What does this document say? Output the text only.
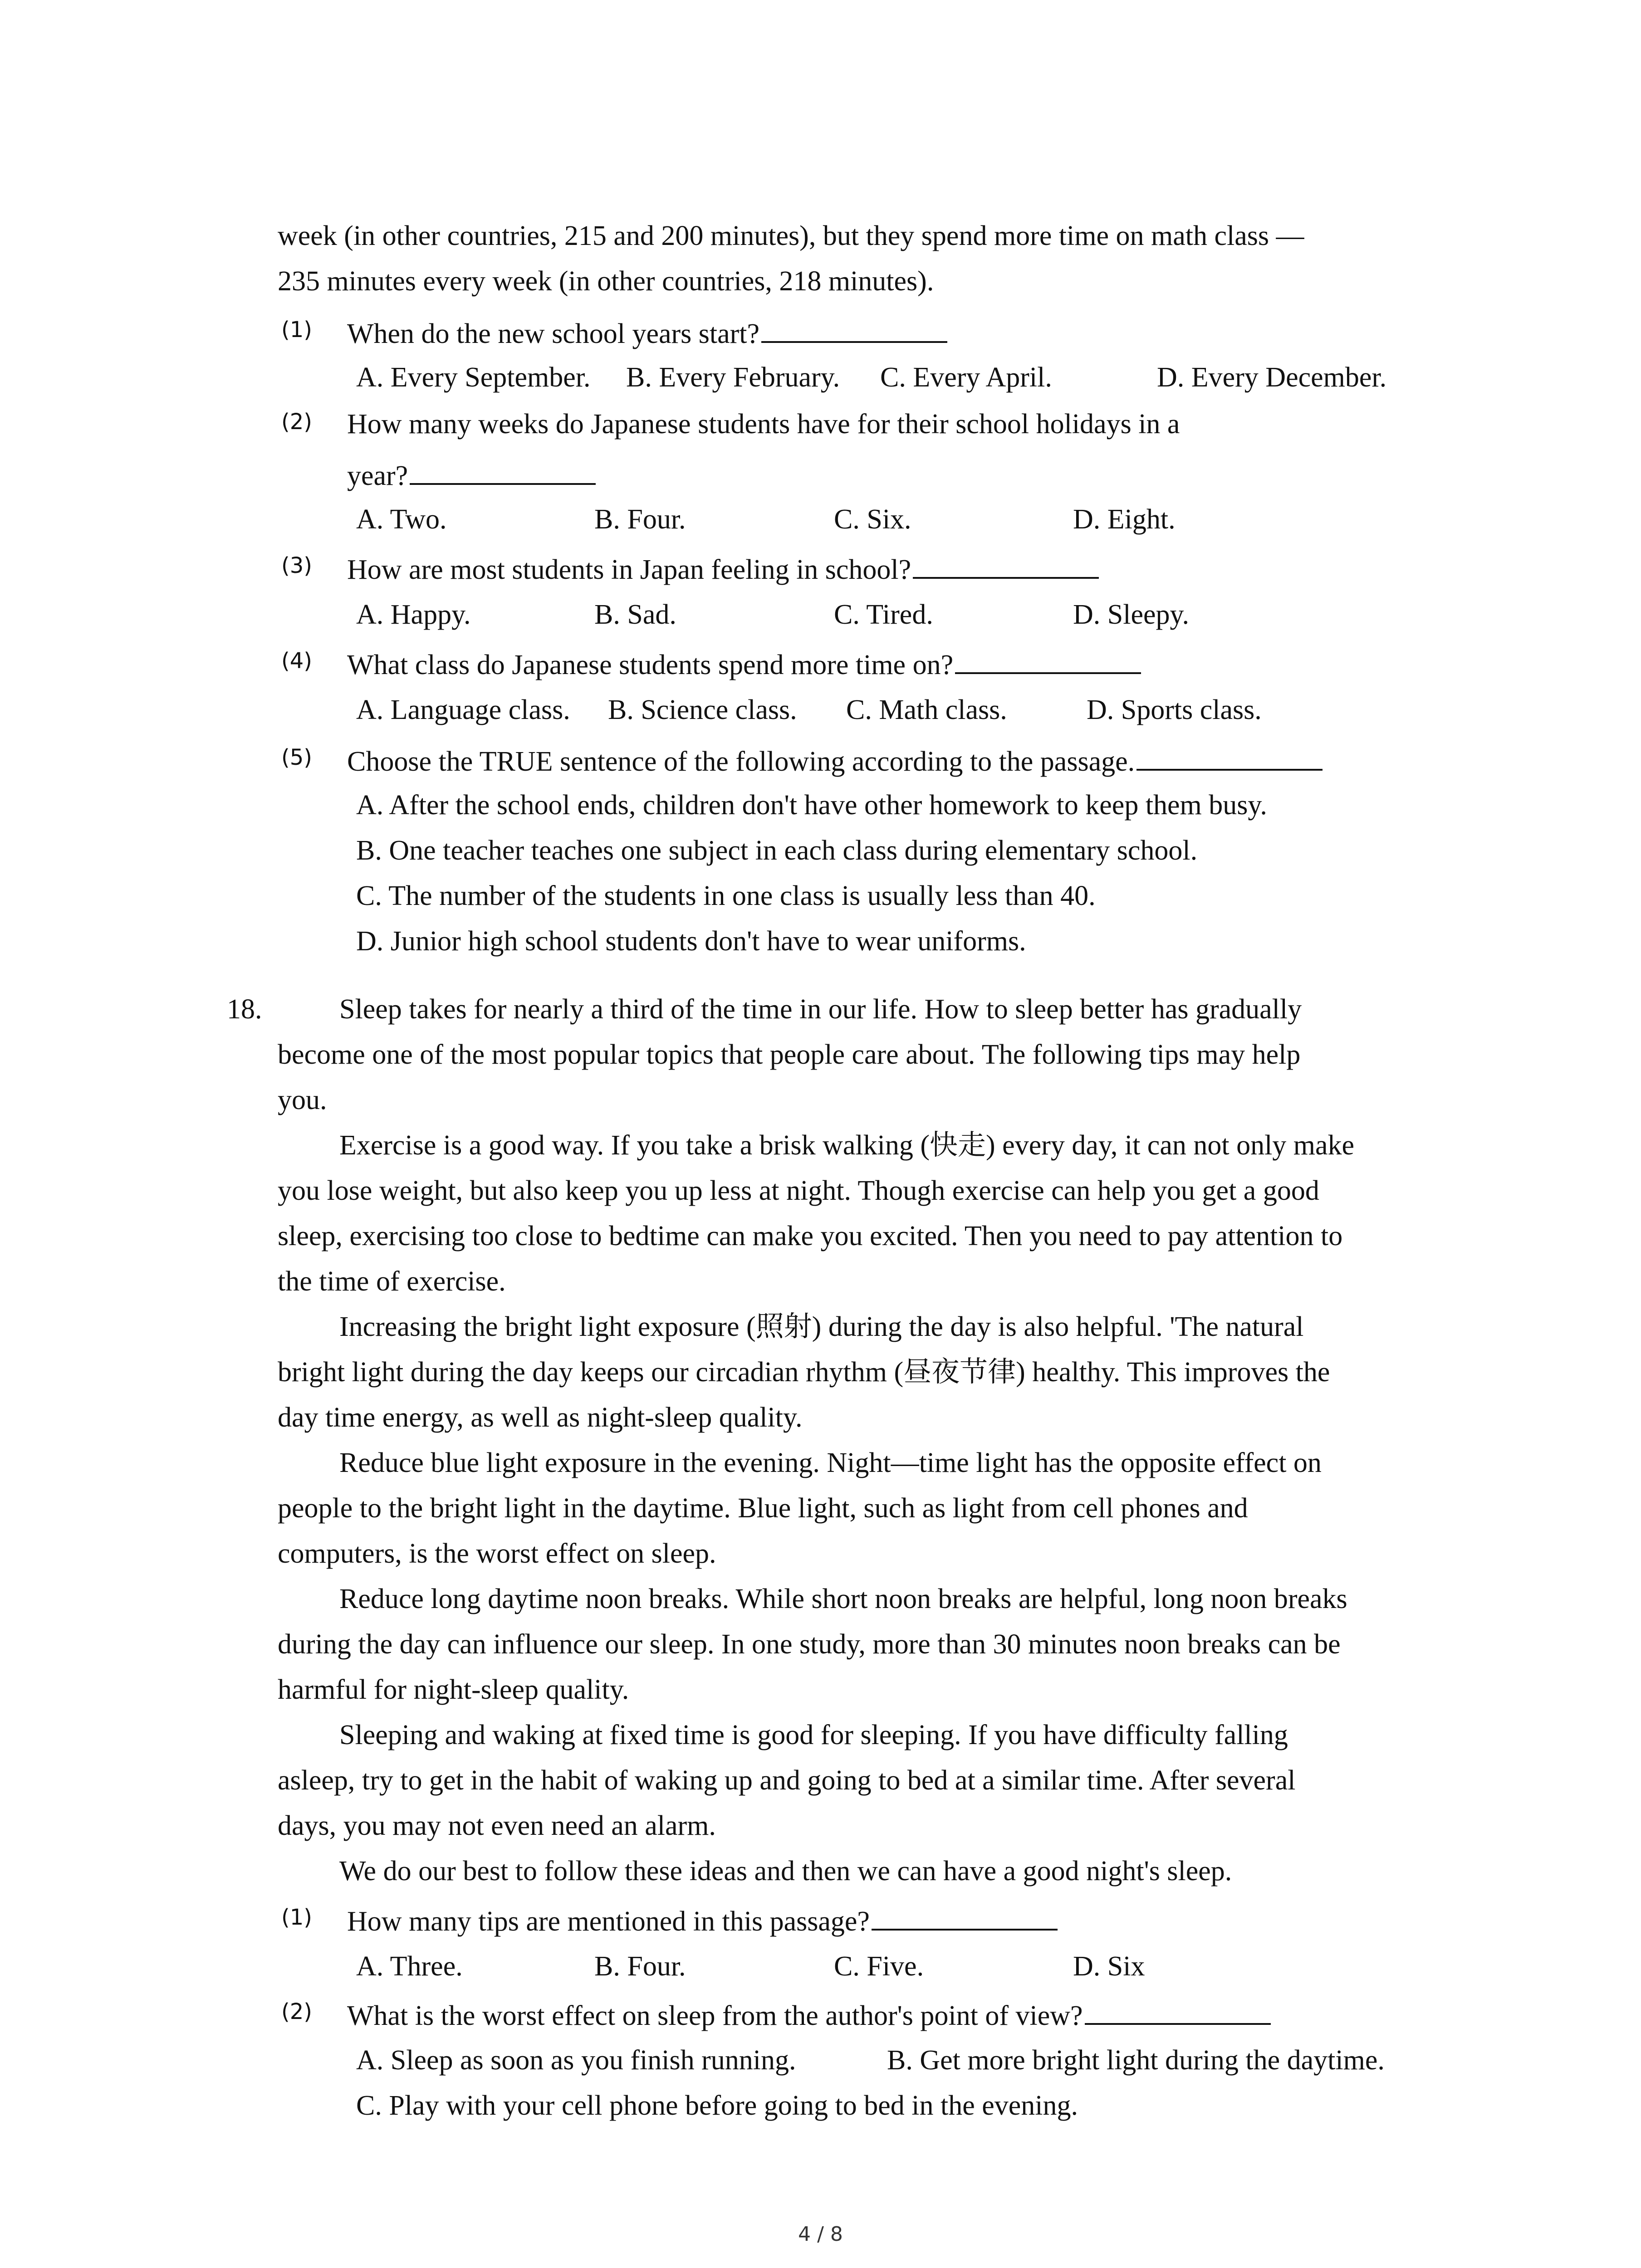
week (in other countries, 215 and 200 minutes), but they spend more time on math class —
235 minutes every week (in other countries, 218 minutes).
(1) When do the new school years start?
A. Every September. B. Every February. C. Every April.	D. Every December.
(2) How many weeks do Japanese students have for their school holidays in a
year?
A. Two.	B. Four.	C. Six.	D. Eight.
(3) How are most students in Japan feeling in school?
A. Happy.	B. Sad.	C. Tired.	D. Sleepy.
(4) What class do Japanese students spend more time on?
A. Language class. B. Science class. C. Math class.	D. Sports class.
(5) Choose the TRUE sentence of the following according to the passage.
A. After the school ends, children don't have other homework to keep them busy.
B. One teacher teaches one subject in each class during elementary school.
C. The number of the students in one class is usually less than 40.
D. Junior high school students don't have to wear uniforms.
18.	Sleep takes for nearly a third of the time in our life. How to sleep better has gradually
become one of the most popular topics that people care about. The following tips may help
you.
Exercise is a good way. If you take a brisk walking (快走) every day, it can not only make
you lose weight, but also keep you up less at night. Though exercise can help you get a good
sleep, exercising too close to bedtime can make you excited. Then you need to pay attention to
the time of exercise.
Increasing the bright light exposure (照射) during the day is also helpful. 'The natural
bright light during the day keeps our circadian rhythm (昼夜节律) healthy. This improves the
day time energy, as well as night-sleep quality.
Reduce blue light exposure in the evening. Night—time light has the opposite effect on
people to the bright light in the daytime. Blue light, such as light from cell phones and
computers, is the worst effect on sleep.
Reduce long daytime noon breaks. While short noon breaks are helpful, long noon breaks
during the day can influence our sleep. In one study, more than 30 minutes noon breaks can be
harmful for night-sleep quality.
Sleeping and waking at fixed time is good for sleeping. If you have difficulty falling
asleep, try to get in the habit of waking up and going to bed at a similar time. After several
days, you may not even need an alarm.
We do our best to follow these ideas and then we can have a good night's sleep.
(1) How many tips are mentioned in this passage?
A. Three.	B. Four.	C. Five.	D. Six
(2) What is the worst effect on sleep from the author's point of view?
A. Sleep as soon as you finish running.	B. Get more bright light during the daytime.
C. Play with your cell phone before going to bed in the evening.
4 / 8
